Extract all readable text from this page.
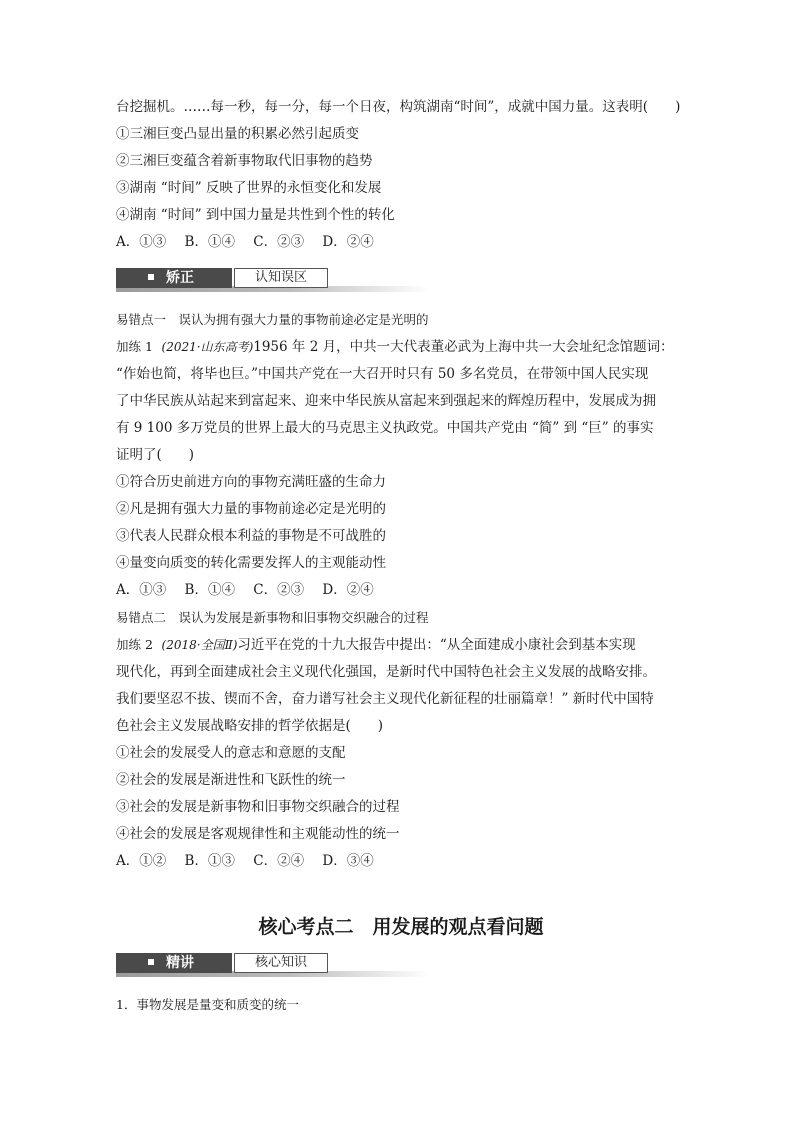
台挖掘机。……每一秒，每一分，每一个日夜，构筑湖南“时间”，成就中国力量。这表明(　　)
①三湘巨变凸显出量的积累必然引起质变
②三湘巨变蕴含着新事物取代旧事物的趋势
③湖南 “时间” 反映了世界的永恒变化和发展
④湖南 “时间” 到中国力量是共性到个性的转化
A．①③ B．①④ C．②③ D．②④
矫正	认知误区
易错点一　误认为拥有强大力量的事物前途必定是光明的
加练 1 (2021·山东高考)1956 年 2 月，中共一大代表董必武为上海中共一大会址纪念馆题词：
“作始也简，将毕也巨。”中国共产党在一大召开时只有 50 多名党员，在带领中国人民实现
了中华民族从站起来到富起来、迎来中华民族从富起来到强起来的辉煌历程中，发展成为拥
有 9 100 多万党员的世界上最大的马克思主义执政党。中国共产党由 “简” 到 “巨” 的事实
证明了(　　)
①符合历史前进方向的事物充满旺盛的生命力
②凡是拥有强大力量的事物前途必定是光明的
③代表人民群众根本利益的事物是不可战胜的
④量变向质变的转化需要发挥人的主观能动性
A．①③ B．①④ C．②③ D．②④
易错点二　误认为发展是新事物和旧事物交织融合的过程
加练 2 (2018·全国Ⅱ)习近平在党的十九大报告中提出：“从全面建成小康社会到基本实现
现代化，再到全面建成社会主义现代化强国，是新时代中国特色社会主义发展的战略安排。
我们要坚忍不拔、锲而不舍，奋力谱写社会主义现代化新征程的壮丽篇章！” 新时代中国特
色社会主义发展战略安排的哲学依据是(　　)
①社会的发展受人的意志和意愿的支配
②社会的发展是渐进性和飞跃性的统一
③社会的发展是新事物和旧事物交织融合的过程
④社会的发展是客观规律性和主观能动性的统一
A．①② B．①③ C．②④ D．③④
核心考点二　用发展的观点看问题
精讲	核心知识
1．事物发展是量变和质变的统一
